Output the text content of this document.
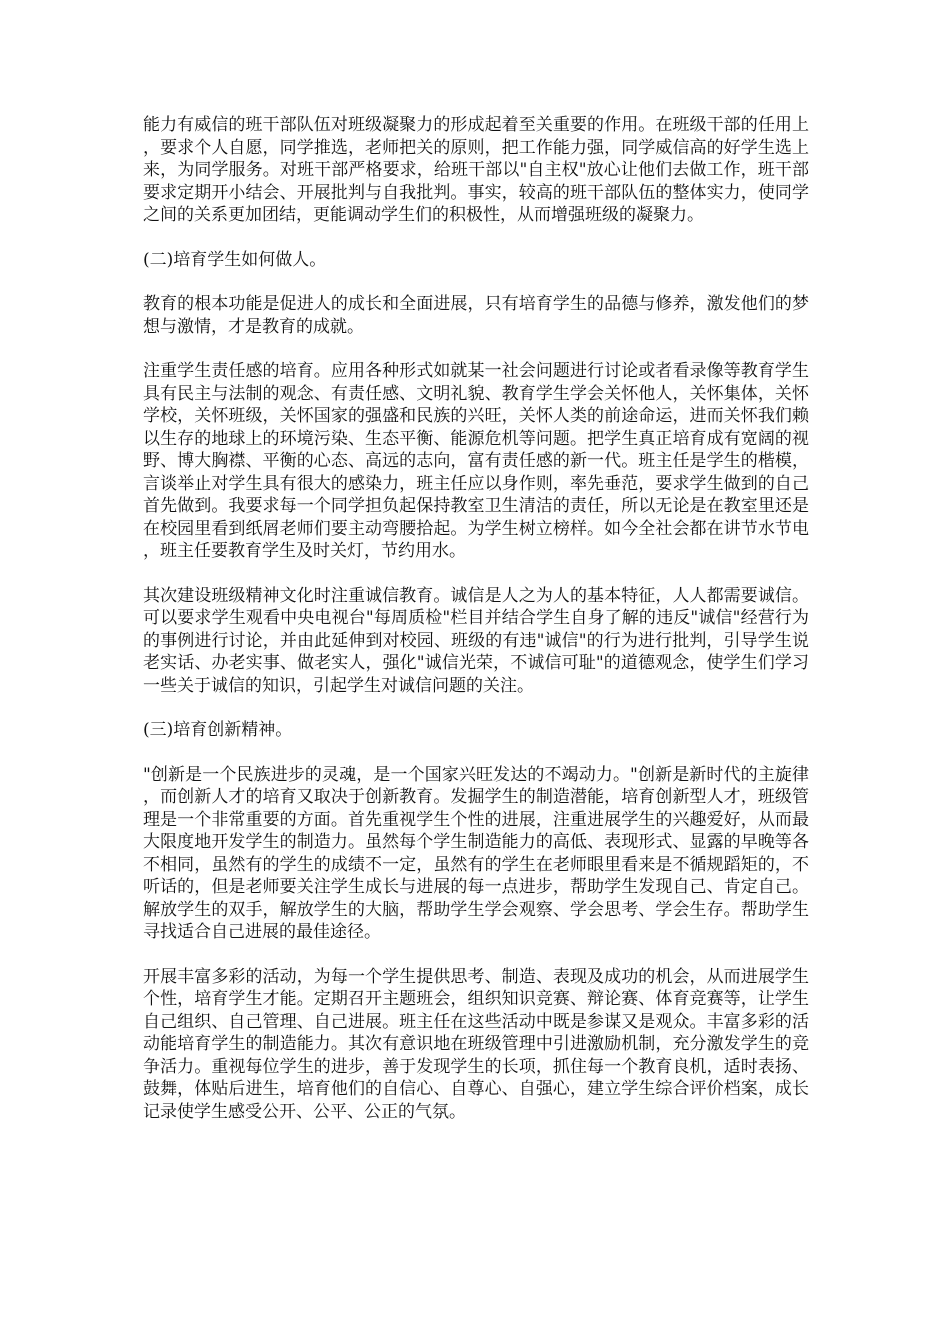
能力有威信的班干部队伍对班级凝聚力的形成起着至关重要的作用。在班级干部的任用上，要求个人自愿，同学推选，老师把关的原则，把工作能力强，同学威信高的好学生选上来，为同学服务。对班干部严格要求，给班干部以"自主权"放心让他们去做工作，班干部要求定期开小结会、开展批判与自我批判。事实，较高的班干部队伍的整体实力，使同学之间的关系更加团结，更能调动学生们的积极性，从而增强班级的凝聚力。

(二)培育学生如何做人。

教育的根本功能是促进人的成长和全面进展，只有培育学生的品德与修养，激发他们的梦想与激情，才是教育的成就。

注重学生责任感的培育。应用各种形式如就某一社会问题进行讨论或者看录像等教育学生具有民主与法制的观念、有责任感、文明礼貌、教育学生学会关怀他人，关怀集体，关怀学校，关怀班级，关怀国家的强盛和民族的兴旺，关怀人类的前途命运，进而关怀我们赖以生存的地球上的环境污染、生态平衡、能源危机等问题。把学生真正培育成有宽阔的视野、博大胸襟、平衡的心态、高远的志向，富有责任感的新一代。班主任是学生的楷模，言谈举止对学生具有很大的感染力，班主任应以身作则，率先垂范，要求学生做到的自己首先做到。我要求每一个同学担负起保持教室卫生清洁的责任，所以无论是在教室里还是在校园里看到纸屑老师们要主动弯腰拾起。为学生树立榜样。如今全社会都在讲节水节电，班主任要教育学生及时关灯，节约用水。

其次建设班级精神文化时注重诚信教育。诚信是人之为人的基本特征，人人都需要诚信。可以要求学生观看中央电视台"每周质检"栏目并结合学生自身了解的违反"诚信"经营行为的事例进行讨论，并由此延伸到对校园、班级的有违"诚信"的行为进行批判，引导学生说老实话、办老实事、做老实人，强化"诚信光荣，不诚信可耻"的道德观念，使学生们学习一些关于诚信的知识，引起学生对诚信问题的关注。

(三)培育创新精神。

"创新是一个民族进步的灵魂，是一个国家兴旺发达的不竭动力。"创新是新时代的主旋律，而创新人才的培育又取决于创新教育。发掘学生的制造潜能，培育创新型人才，班级管理是一个非常重要的方面。首先重视学生个性的进展，注重进展学生的兴趣爱好，从而最大限度地开发学生的制造力。虽然每个学生制造能力的高低、表现形式、显露的早晚等各不相同，虽然有的学生的成绩不一定，虽然有的学生在老师眼里看来是不循规蹈矩的，不听话的，但是老师要关注学生成长与进展的每一点进步，帮助学生发现自己、肯定自己。解放学生的双手，解放学生的大脑，帮助学生学会观察、学会思考、学会生存。帮助学生寻找适合自己进展的最佳途径。

开展丰富多彩的活动，为每一个学生提供思考、制造、表现及成功的机会，从而进展学生个性，培育学生才能。定期召开主题班会，组织知识竞赛、辩论赛、体育竞赛等，让学生自己组织、自己管理、自己进展。班主任在这些活动中既是参谋又是观众。丰富多彩的活动能培育学生的制造能力。其次有意识地在班级管理中引进激励机制，充分激发学生的竞争活力。重视每位学生的进步，善于发现学生的长项，抓住每一个教育良机，适时表扬、鼓舞，体贴后进生，培育他们的自信心、自尊心、自强心，建立学生综合评价档案，成长记录使学生感受公开、公平、公正的气氛。
